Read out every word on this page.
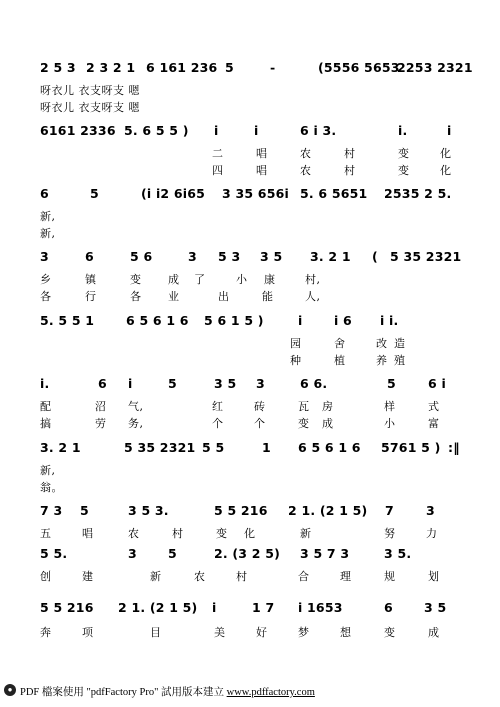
2 5 3 2 3 2 1 6 161 236 5	-	(5556 5653
2253 2321
呀衣儿 衣支呀支 嗯
呀衣儿 衣支呀支 嗯
6161 2336 5. 6 5 5 ) i	i	6 i 3.	i.	i
二	唱	农	村	变	化
四	唱	农	村	变	化
6	5	(i i2 6i65 3 35 656i 5. 6 5651 2535 2 5.
新,
新,
3	6	5 6	3 5 3 3 5 3. 2 1 ( 5 35 2321
乡	镇	变 成 了	小 康	村,
各	行	各 业	出	能	人,
5. 5 5 1	6 5 6 1 6 5 6 1 5 )	i	i 6 i i.
园	舍	改 造
种	植	养 殖
i.	6 i	5	3 5 3	6 6.	5	6 i
配	沼 气,	红	砖	瓦 房	样	式
搞	劳 务,	个	个	变 成	小	富
3. 2 1	5 35 2321 5 5	1 6 5 6 1 6 5761 5 ) :‖
新,
翁。
7 3 5	3 5 3.	5 5 216 2 1. (2 1 5) 7	3
五	唱	农	村	变 化	新	努	力
5 5.	3 5	2. (3 2 5) 3 5 7 3	3 5.
创	建	新	农	村	合	理	规	划
5 5 216 2 1. (2 1 5) i	1 7 i 1653	6 3 5
奔	项	目	美	好	梦	想	变	成
● PDF 檔案使用 "pdfFactory Pro" 試用版本建立 www.pdffactory.com
